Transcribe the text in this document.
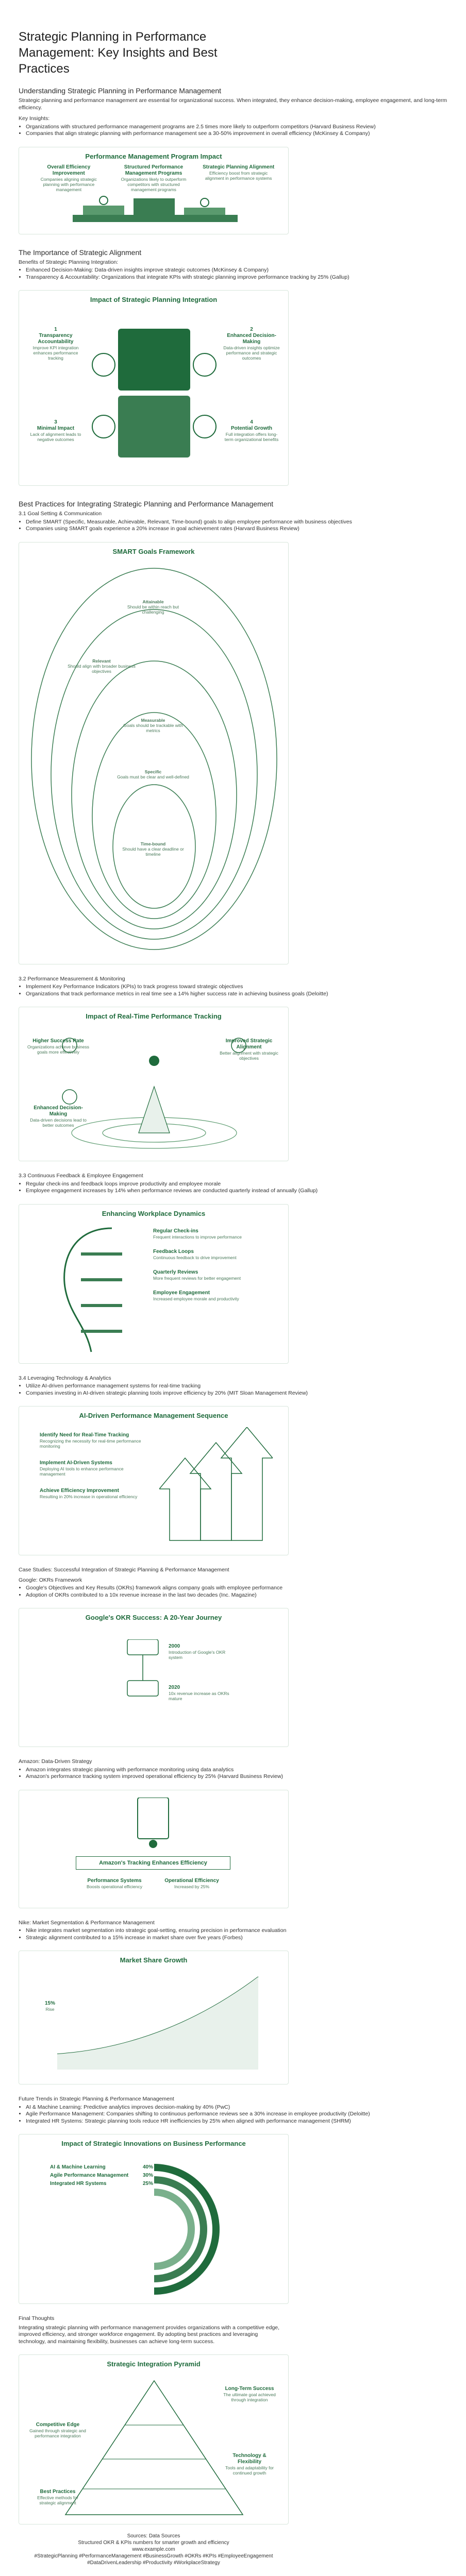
Strategic Planning in Performance Management: Key Insights and Best Practices
Understanding Strategic Planning in Performance Management
Strategic planning and performance management are essential for organizational success. When integrated, they enhance decision-making, employee engagement, and long-term efficiency.
Key Insights:
• Organizations with structured performance management programs are 2.5 times more likely to outperform competitors (Harvard Business Review)
• Companies that align strategic planning with performance management see a 30-50% improvement in overall efficiency (McKinsey & Company)
Performance Management Program Impact
Overall Efficiency Improvement
Companies aligning strategic planning with performance management
Structured Performance Management Programs
Organizations likely to outperform competitors with structured management programs
Strategic Planning Alignment
Efficiency boost from strategic alignment in performance systems
The Importance of Strategic Alignment
Benefits of Strategic Planning Integration:
• Enhanced Decision-Making: Data-driven insights improve strategic outcomes (McKinsey & Company)
• Transparency & Accountability: Organizations that integrate KPIs with strategic planning improve performance tracking by 25% (Gallup)
Impact of Strategic Planning Integration
1
Transparency Accountability
Improve KPI integration enhances performance tracking
2
Enhanced Decision-Making
Data-driven insights optimize performance and strategic outcomes
3
Minimal Impact
Lack of alignment leads to negative outcomes
4
Potential Growth
Full integration offers long-term organizational benefits
Best Practices for Integrating Strategic Planning and Performance Management
3.1 Goal Setting & Communication
• Define SMART (Specific, Measurable, Achievable, Relevant, Time-bound) goals to align employee performance with business objectives
• Companies using SMART goals experience a 20% increase in goal achievement rates (Harvard Business Review)
SMART Goals Framework
Attainable
Should be within reach but challenging
Relevant
Should align with broader business objectives
Measurable
Goals should be trackable with metrics
Specific
Goals must be clear and well-defined
Time-bound
Should have a clear deadline or timeline
3.2 Performance Measurement & Monitoring
• Implement Key Performance Indicators (KPIs) to track progress toward strategic objectives
• Organizations that track performance metrics in real time see a 14% higher success rate in achieving business goals (Deloitte)
Impact of Real-Time Performance Tracking
Higher Success Rate
Organizations achieve business goals more effectively
Enhanced Decision-Making
Data-driven decisions lead to better outcomes
Improved Strategic Alignment
Better alignment with strategic objectives
3.3 Continuous Feedback & Employee Engagement
• Regular check-ins and feedback loops improve productivity and employee morale
• Employee engagement increases by 14% when performance reviews are conducted quarterly instead of annually (Gallup)
Enhancing Workplace Dynamics
Regular Check-ins
Frequent interactions to improve performance
Feedback Loops
Continuous feedback to drive improvement
Quarterly Reviews
More frequent reviews for better engagement
Employee Engagement
Increased employee morale and productivity
3.4 Leveraging Technology & Analytics
• Utilize AI-driven performance management systems for real-time tracking
• Companies investing in AI-driven strategic planning tools improve efficiency by 20% (MIT Sloan Management Review)
AI-Driven Performance Management Sequence
Identify Need for Real-Time Tracking
Recognizing the necessity for real-time performance monitoring
Implement AI-Driven Systems
Deploying AI tools to enhance performance management
Achieve Efficiency Improvement
Resulting in 20% increase in operational efficiency
Case Studies: Successful Integration of Strategic Planning & Performance Management
Google: OKRs Framework
• Google's Objectives and Key Results (OKRs) framework aligns company goals with employee performance
• Adoption of OKRs contributed to a 10x revenue increase in the last two decades (Inc. Magazine)
Google's OKR Success: A 20-Year Journey
2000
Introduction of Google's OKR system
2020
10x revenue increase as OKRs mature
Amazon: Data-Driven Strategy
• Amazon integrates strategic planning with performance monitoring using data analytics
• Amazon's performance tracking system improved operational efficiency by 25% (Harvard Business Review)
Amazon's Tracking Enhances Efficiency
Performance Systems
Boosts operational efficiency
Operational Efficiency
Increased by 25%
Nike: Market Segmentation & Performance Management
• Nike integrates market segmentation into strategic goal-setting, ensuring precision in performance evaluation
• Strategic alignment contributed to a 15% increase in market share over five years (Forbes)
Market Share Growth
15%
Rise
Future Trends in Strategic Planning & Performance Management
• AI & Machine Learning: Predictive analytics improves decision-making by 40% (PwC)
• Agile Performance Management: Companies shifting to continuous performance reviews see a 30% increase in employee productivity (Deloitte)
• Integrated HR Systems: Strategic planning tools reduce HR inefficiencies by 25% when aligned with performance management (SHRM)
Impact of Strategic Innovations on Business Performance
AI & Machine Learning	40%
Agile Performance Management	30%
Integrated HR Systems	25%
Final Thoughts
Integrating strategic planning with performance management provides organizations with a competitive edge, improved efficiency, and stronger workforce engagement. By adopting best practices and leveraging technology, and maintaining flexibility, businesses can achieve long-term success.
Strategic Integration Pyramid
Long-Term Success
The ultimate goal achieved through integration
Competitive Edge
Gained through strategic and performance integration
Technology & Flexibility
Tools and adaptability for continued growth
Best Practices
Effective methods for strategic alignment
Sources: Data Sources
Structured OKR & KPIs numbers for smarter growth and efficiency
www.example.com
#StrategicPlanning #PerformanceManagement #BusinessGrowth #OKRs #KPIs #EmployeeEngagement #DataDrivenLeadership #Productivity #WorkplaceStrategy
